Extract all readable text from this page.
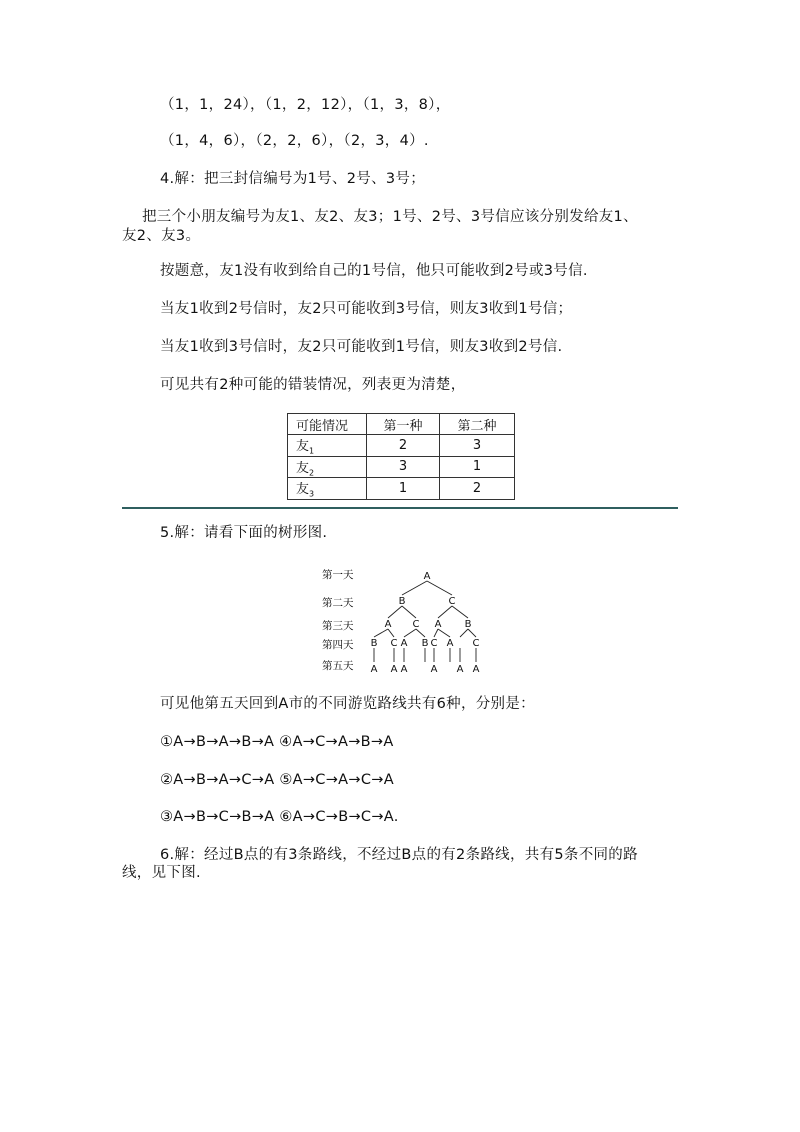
（1，1，24），（1，2，12），（1，3，8），
（1，4，6），（2，2，6），（2，3，4）.
4.解：把三封信编号为1号、2号、3号；
把三个小朋友编号为友1、友2、友3；1号、2号、3号信应该分别发给友1、
友2、友3。
按题意，友1没有收到给自己的1号信，他只可能收到2号或3号信.
当友1收到2号信时，友2只可能收到3号信，则友3收到1号信；
当友1收到3号信时，友2只可能收到1号信，则友3收到2号信.
可见共有2种可能的错装情况，列表更为清楚，
可能情况	第一种	第二种
友$_1$	2	3
友$_2$	3	1
友$_3$	1	2
5.解：请看下面的树形图.
第一天
第二天
第三天
第四天
第五天
A
B	C
A C A B
B C A B C A C
A A A A A A
可见他第五天回到A市的不同游览路线共有6种，分别是：
①A→B→A→B→A ④A→C→A→B→A
②A→B→A→C→A ⑤A→C→A→C→A
③A→B→C→B→A ⑥A→C→B→C→A.
6.解：经过B点的有3条路线，不经过B点的有2条路线，共有5条不同的路
线，见下图.
